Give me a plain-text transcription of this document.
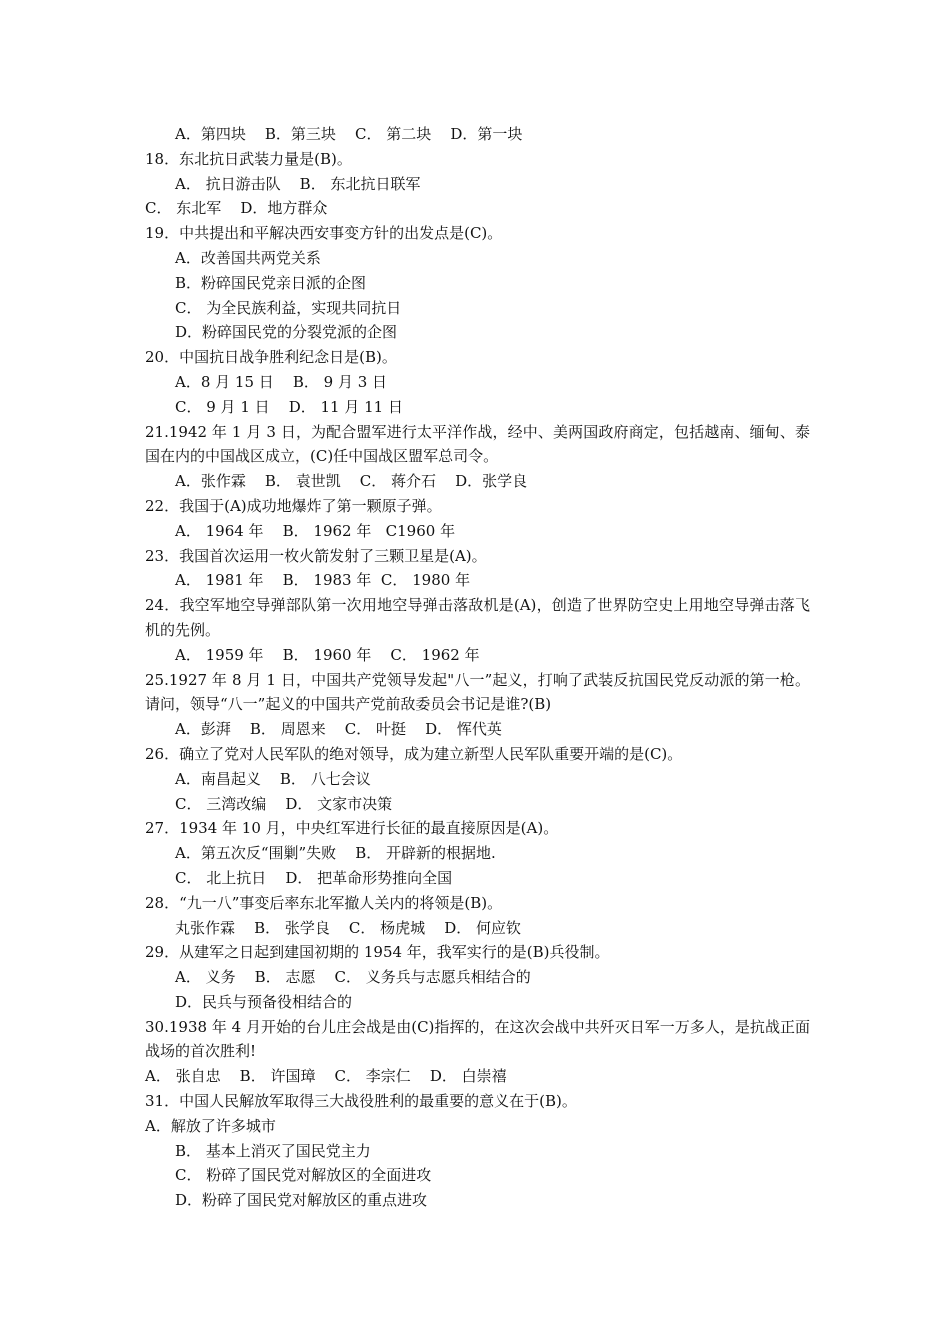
A．第四块    B．第三块    C． 第二块    D．第一块
18．东北抗日武装力量是(B)。
A． 抗日游击队    B． 东北抗日联军
C． 东北军    D．地方群众
19．中共提出和平解决西安事变方针的出发点是(C)。
A．改善国共两党关系
B．粉碎国民党亲日派的企图
C． 为全民族利益，实现共同抗日
D．粉碎国民党的分裂党派的企图
20．中国抗日战争胜利纪念日是(B)。
A．8 月 15 日    B． 9 月 3 日
C． 9 月 1 日    D． 11 月 11 日
21.1942 年 1 月 3 日，为配合盟军进行太平洋作战，经中、美两国政府商定，包括越南、缅甸、泰国在内的中国战区成立，(C)任中国战区盟军总司令。
A．张作霖    B． 袁世凯    C． 蒋介石    D．张学良
22．我国于(A)成功地爆炸了第一颗原子弹。
A． 1964 年    B． 1962 年   C1960 年
23．我国首次运用一枚火箭发射了三颗卫星是(A)。
A． 1981 年    B． 1983 年  C． 1980 年
24．我空军地空导弹部队第一次用地空导弹击落敌机是(A)，创造了世界防空史上用地空导弹击落飞机的先例。
A． 1959 年    B． 1960 年    C． 1962 年
25.1927 年 8 月 1 日，中国共产党领导发起"八一”起义，打响了武装反抗国民党反动派的第一枪。请问，领导“八一”起义的中国共产党前敌委员会书记是谁?(B)
A．彭湃    B． 周恩来    C． 叶挺    D． 恽代英
26．确立了党对人民军队的绝对领导，成为建立新型人民军队重要开端的是(C)。
A．南昌起义    B． 八七会议
C． 三湾改编    D． 文家市决策
27．1934 年 10 月，中央红军进行长征的最直接原因是(A)。
A．第五次反“围剿”失败    B． 开辟新的根据地.
C． 北上抗日    D． 把革命形势推向全国
28．“九一八”事变后率东北军撤人关内的将领是(B)。
丸张作霖    B． 张学良    C． 杨虎城    D． 何应钦
29．从建军之日起到建国初期的 1954 年，我军实行的是(B)兵役制。
A． 义务    B． 志愿    C． 义务兵与志愿兵相结合的
D．民兵与预备役相结合的
30.1938 年 4 月开始的台儿庄会战是由(C)指挥的，在这次会战中共歼灭日军一万多人，是抗战正面战场的首次胜利!
A． 张自忠    B． 许国璋    C． 李宗仁    D． 白崇禧
31．中国人民解放军取得三大战役胜利的最重要的意义在于(B)。
A．解放了许多城市
B． 基本上消灭了国民党主力
C． 粉碎了国民党对解放区的全面进攻
D．粉碎了国民党对解放区的重点进攻
